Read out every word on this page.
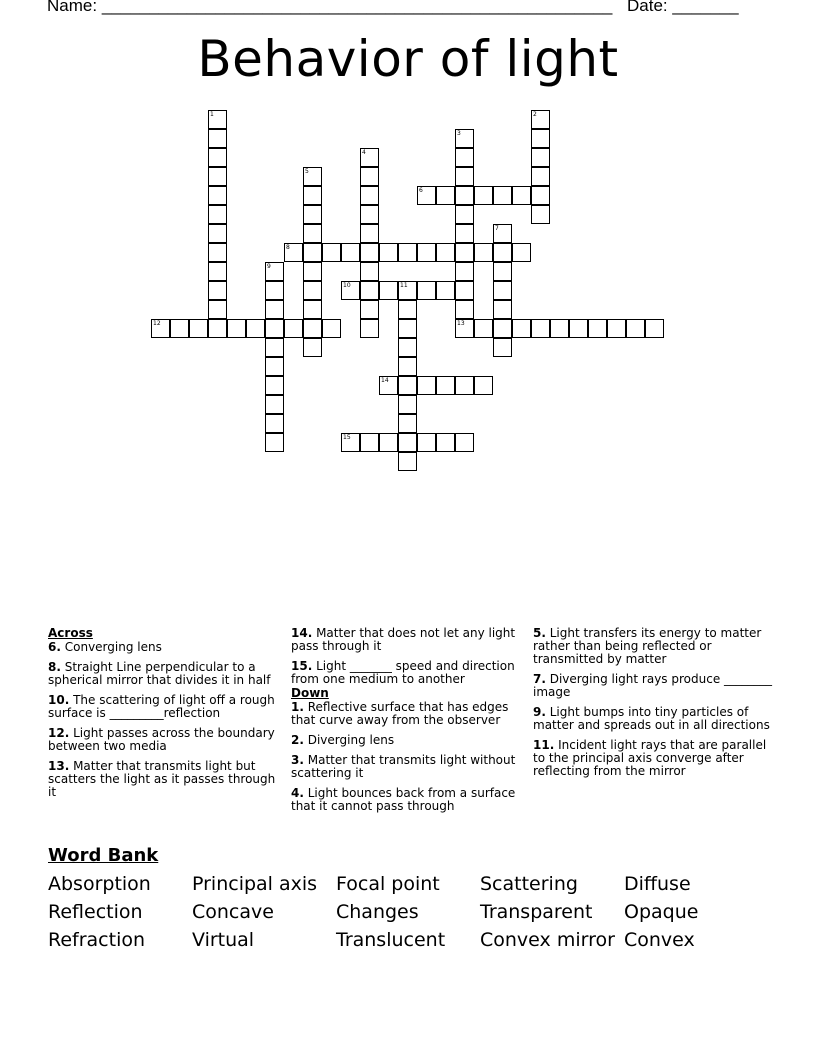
Name: ______________________________________________________ Date: _______
Behavior of light
1	2
3
13
4
5
6
7
8
9
10	11
12
14
15
Across
6. Converging lens
8. Straight Line perpendicular to a spherical mirror that divides it in half
10. The scattering of light off a rough surface is _________reflection
12. Light passes across the boundary between two media
13. Matter that transmits light but scatters the light as it passes through it
14. Matter that does not let any light pass through it
15. Light _______ speed and direction from one medium to another
Down
1. Reflective surface that has edges that curve away from the observer
2. Diverging lens
3. Matter that transmits light without scattering it
4. Light bounces back from a surface that it cannot pass through
5. Light transfers its energy to matter rather than being reflected or transmitted by matter
7. Diverging light rays produce ________ image
9. Light bumps into tiny particles of matter and spreads out in all directions
11. Incident light rays that are parallel to the principal axis converge after reflecting from the mirror
Word Bank
Absorption Principal axis Focal point Scattering Diffuse
Reflection	Concave	Changes	Transparent Opaque
Refraction Virtual	Translucent Convex mirror Convex
